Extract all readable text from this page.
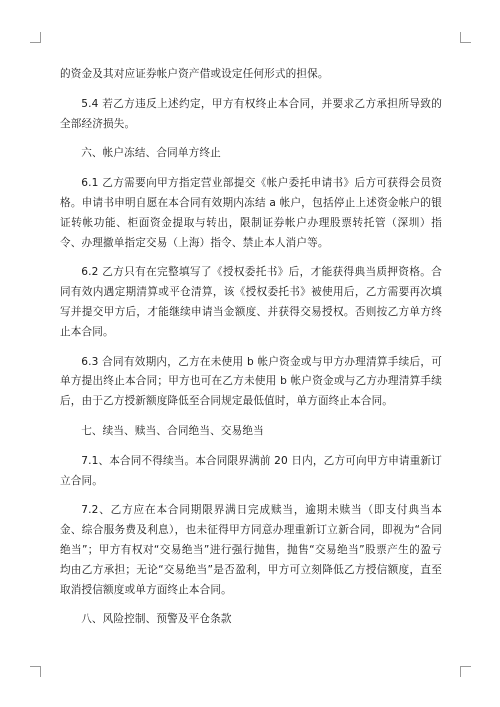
的资金及其对应证券帐户资产借或设定任何形式的担保。

5.4 若乙方违反上述约定，甲方有权终止本合同，并要求乙方承担所导致的全部经济损失。

六、帐户冻结、合同单方终止

6.1 乙方需要向甲方指定营业部提交《帐户委托申请书》后方可获得会员资格。申请书申明自愿在本合同有效期内冻结 a 帐户，包括停止上述资金帐户的银证转帐功能、柜面资金提取与转出，限制证券帐户办理股票转托管（深圳）指令、办理撤单指定交易（上海）指令、禁止本人消户等。

6.2 乙方只有在完整填写了《授权委托书》后，才能获得典当质押资格。合同有效内遇定期清算或平仓清算，该《授权委托书》被使用后，乙方需要再次填写并提交甲方后，才能继续申请当金额度、并获得交易授权。否则按乙方单方终止本合同。

6.3 合同有效期内，乙方在未使用 b 帐户资金或与甲方办理清算手续后，可单方提出终止本合同；甲方也可在乙方未使用 b 帐户资金或与乙方办理清算手续后，由于乙方授新额度降低至合同规定最低值时，单方面终止本合同。

七、续当、赎当、合同绝当、交易绝当

7.1、本合同不得续当。本合同限界满前 20 日内，乙方可向甲方申请重新订立合同。

7.2、乙方应在本合同期限界满日完成赎当，逾期未赎当（即支付典当本金、综合服务费及利息），也未征得甲方同意办理重新订立新合同，即视为“合同绝当”；甲方有权对“交易绝当”进行强行抛售，抛售“交易绝当”股票产生的盈亏均由乙方承担；无论“交易绝当”是否盈利，甲方可立刻降低乙方授信额度，直至取消授信额度或单方面终止本合同。

八、风险控制、预警及平仓条款
